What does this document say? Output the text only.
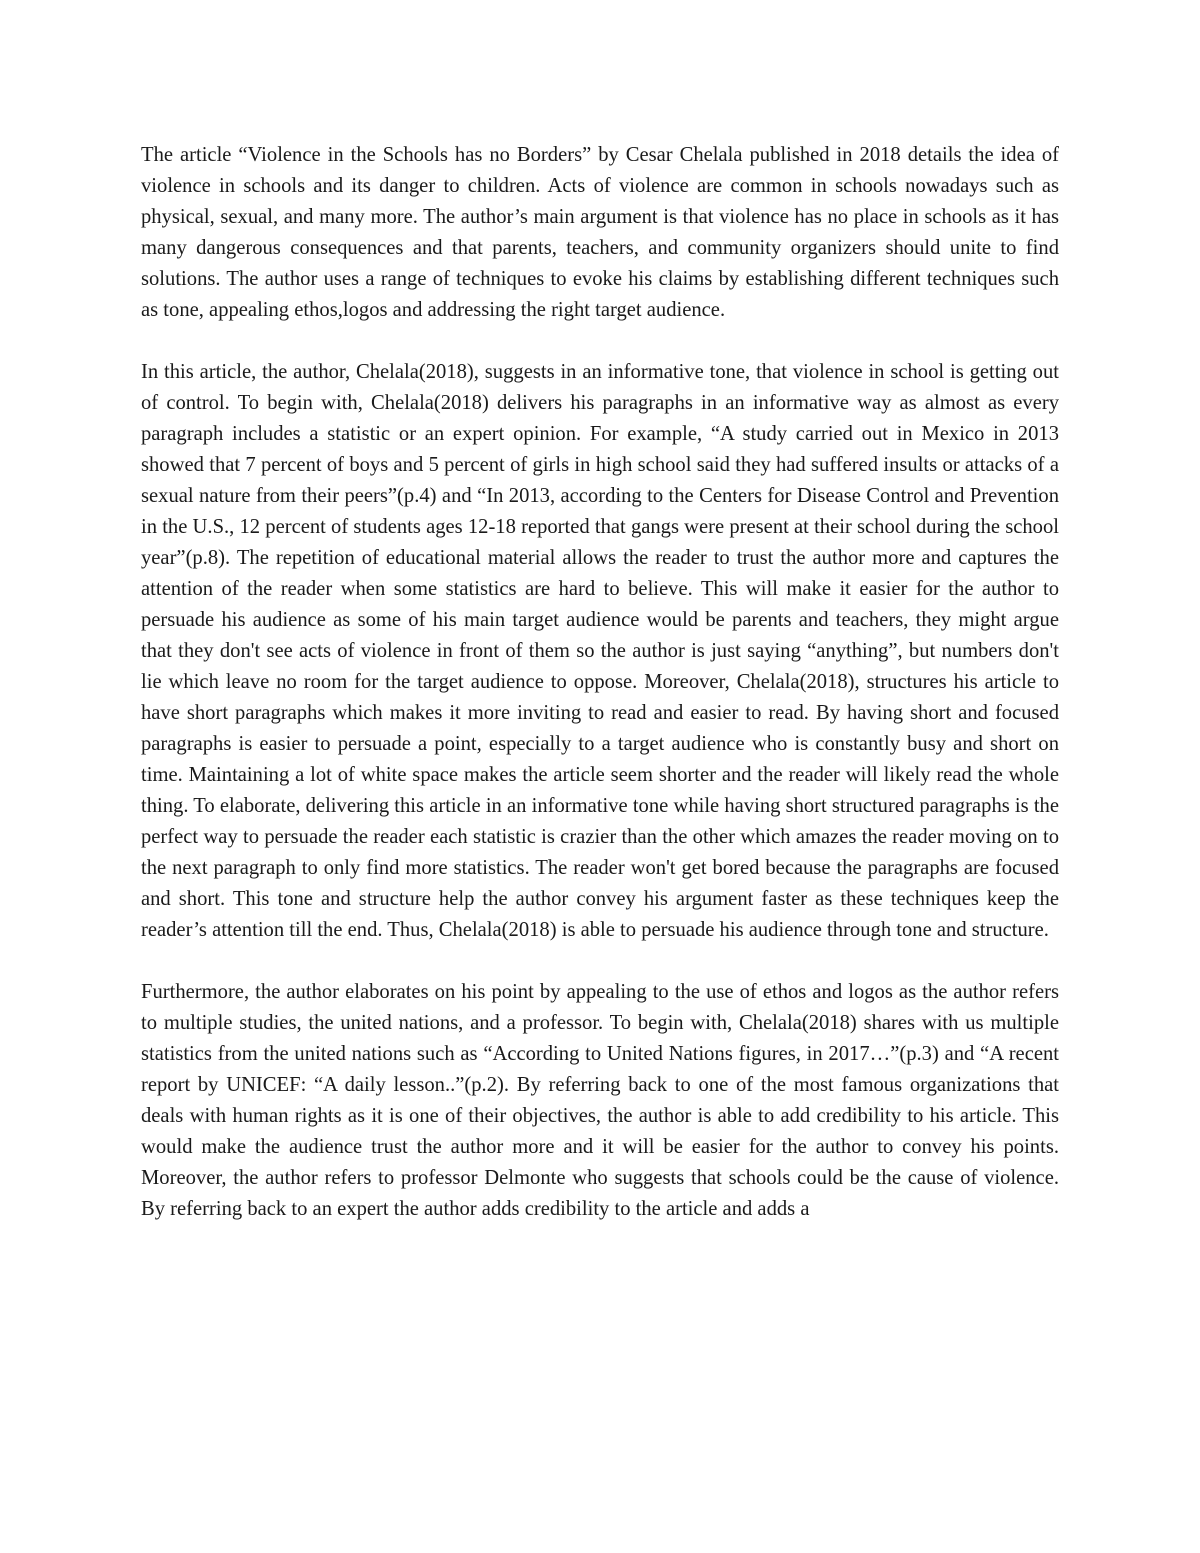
The article “Violence in the Schools has no Borders” by Cesar Chelala published in 2018 details the idea of violence in schools and its danger to children. Acts of violence are common in schools nowadays such as physical, sexual, and many more. The author’s main argument is that violence has no place in schools as it has many dangerous consequences and that parents, teachers, and community organizers should unite to find solutions. The author uses a range of techniques to evoke his claims by establishing different techniques such as tone, appealing ethos,logos and addressing the right target audience.

In this article, the author, Chelala(2018), suggests in an informative tone, that violence in school is getting out of control. To begin with, Chelala(2018) delivers his paragraphs in an informative way as almost as every paragraph includes a statistic or an expert opinion. For example, “A study carried out in Mexico in 2013 showed that 7 percent of boys and 5 percent of girls in high school said they had suffered insults or attacks of a sexual nature from their peers”(p.4) and “In 2013, according to the Centers for Disease Control and Prevention in the U.S., 12 percent of students ages 12-18 reported that gangs were present at their school during the school year”(p.8). The repetition of educational material allows the reader to trust the author more and captures the attention of the reader when some statistics are hard to believe. This will make it easier for the author to persuade his audience as some of his main target audience would be parents and teachers, they might argue that they don't see acts of violence in front of them so the author is just saying “anything”, but numbers don't lie which leave no room for the target audience to oppose. Moreover, Chelala(2018), structures his article to have short paragraphs which makes it more inviting to read and easier to read. By having short and focused paragraphs is easier to persuade a point, especially to a target audience who is constantly busy and short on time. Maintaining a lot of white space makes the article seem shorter and the reader will likely read the whole thing. To elaborate, delivering this article in an informative tone while having short structured paragraphs is the perfect way to persuade the reader each statistic is crazier than the other which amazes the reader moving on to the next paragraph to only find more statistics. The reader won't get bored because the paragraphs are focused and short. This tone and structure help the author convey his argument faster as these techniques keep the reader’s attention till the end. Thus, Chelala(2018) is able to persuade his audience through tone and structure.

Furthermore, the author elaborates on his point by appealing to the use of ethos and logos as the author refers to multiple studies, the united nations, and a professor. To begin with, Chelala(2018) shares with us multiple statistics from the united nations such as “According to United Nations figures, in 2017…”(p.3) and “A recent report by UNICEF: “A daily lesson..”(p.2). By referring back to one of the most famous organizations that deals with human rights as it is one of their objectives, the author is able to add credibility to his article. This would make the audience trust the author more and it will be easier for the author to convey his points. Moreover, the author refers to professor Delmonte who suggests that schools could be the cause of violence. By referring back to an expert the author adds credibility to the article and adds a
